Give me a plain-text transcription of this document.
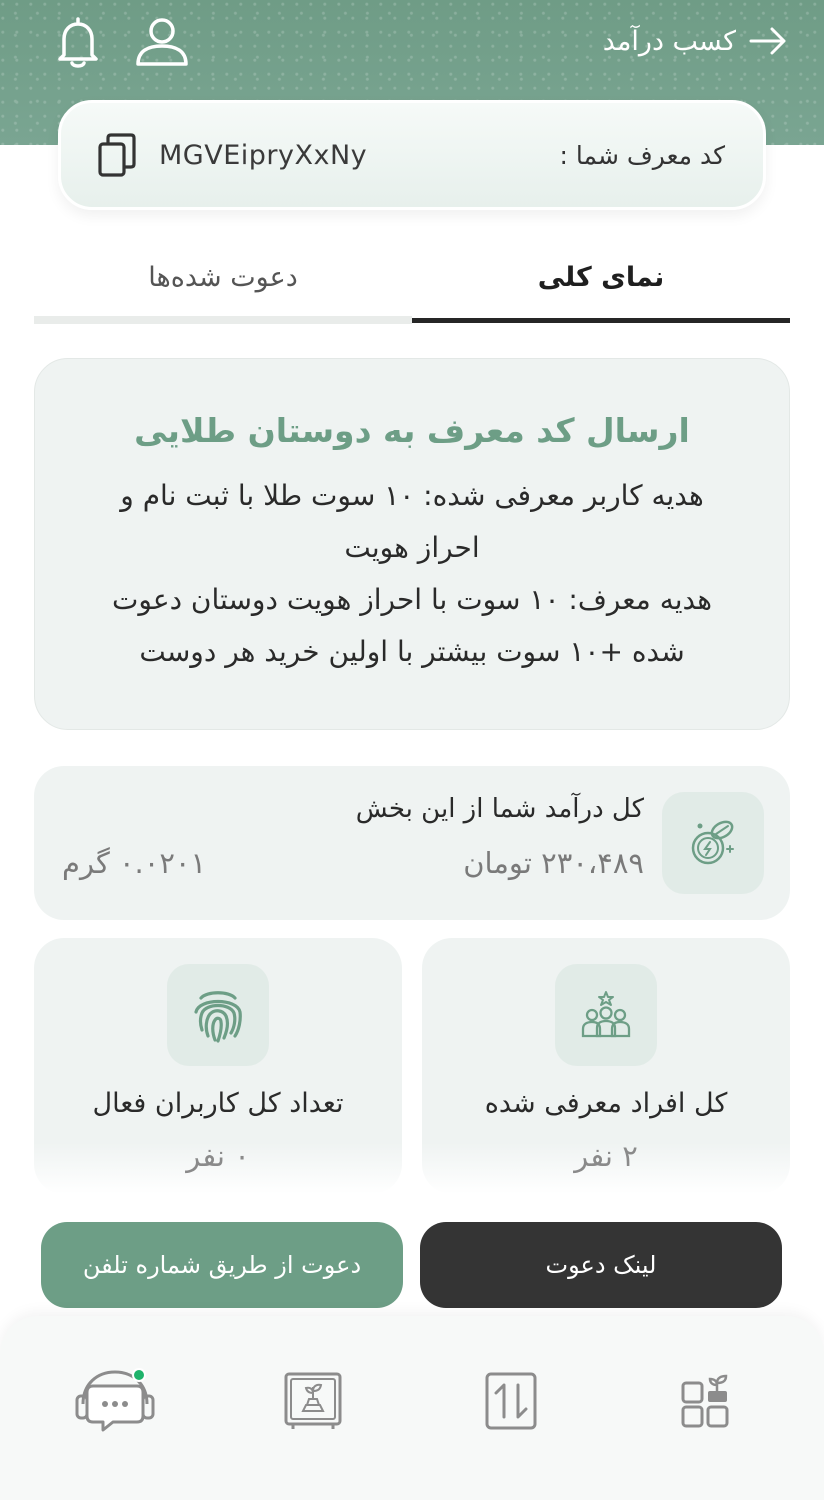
کسب درآمد
کد معرف شما :
MGVEipryXxNy
نمای کلی
دعوت شده‌ها
ارسال کد معرف به دوستان طلایی
هدیه کاربر معرفی شده: ۱۰ سوت طلا با ثبت نام و
احراز هویت
هدیه معرف: ۱۰ سوت با احراز هویت دوستان دعوت
شده +۱۰ سوت بیشتر با اولین خرید هر دوست
کل درآمد شما از این بخش
۲۳۰،۴۸۹ تومان
۰.۰۲۰۱ گرم
کل افراد معرفی شده
۲ نفر
تعداد کل کاربران فعال
۰ نفر
لینک دعوت
دعوت از طریق شماره تلفن
